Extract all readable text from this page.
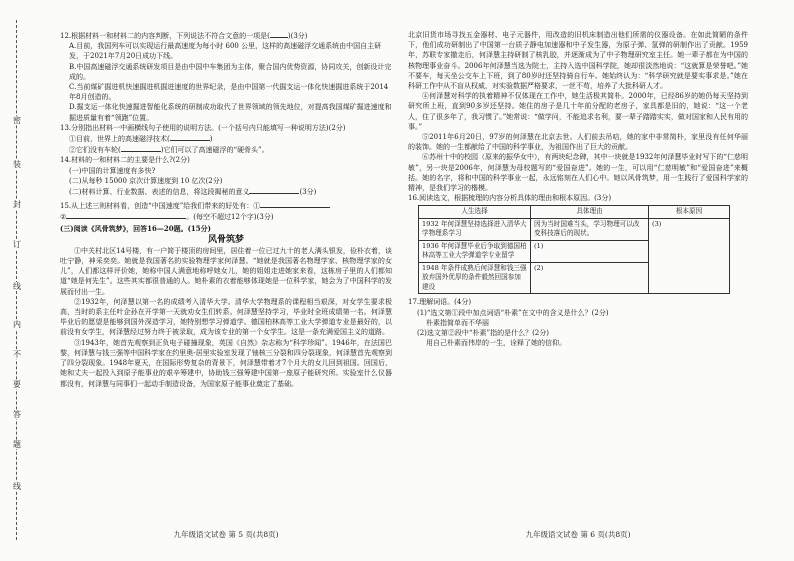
密
装
封
订
线
内
不
要
答
题
线

12.根据材料一和材料二的内容判断，下列说法不符合文意的一项是(	)(3分)

A.目前，我国列车可以实现运行最高速度为每小时 600 公里，这样的高速磁浮交通系统由中国自主研发，于2021年7月20日成功下线。

B.中国高速磁浮交通系统研发项目是由中国中车集团为主体，聚合国内优势资源，协同攻关，创新设计完成的。

C.当前煤矿掘进机快速掘进机掘进速度的世界纪录，是由中国第一代掘支运一体化快速掘进系统于2014年8月创造的。

D.掘支运一体化快速掘进智能化系统的研制成功取代了世界领域的领先地位，对提高我国煤矿掘进速度和掘进质量有着“领跑”位置。

13.分别指出材料一中画横线句子使用的说明方法。(一个括号内只能填写一种说明方法)(2分)

①目前，世界上的高速磁浮技术(	)

②它们没有车轮(	)它们可以了高速磁浮的“硬骨头”。

14.材料的一和材料二的主要是什么?(2分)

(一)中国的计算速度有多快?

(二)从每秒 15000 京次计算速度到 10 亿次(2分)

(二)材料计算、行业数据、表述的信息，将这段揭秘的意义	(3分)

15.从上述三则材料看，创造“中国速度”给我们带来的好处有：①

②	。(每空不超过12个字)(3分)

(三)阅读《风骨筑梦》，回答16—20题。(15分)

风骨筑梦

①中关村北区14号楼，有一户简于楼顶的房间里，居住着一位已过九十的老人满头银发，俭朴衣着，谈吐宁静，神采奕奕。她就是我国著名的实验物理学家何泽慧。“她就是我国著名物理学家、核物理学家的女儿”，人们都这样评价她，她称中国人满意地称呼她女儿，她的姐姐走进她家来看，这栋房子里的人们都知道“她是何先生”。这些其实都很普通的人。她朴素的衣着能够体现她是一位科学家，她会为了中国科学的发展而付出一生。

②1932年，何泽慧以第一名的成绩考入清华大学。清华大学物理系的课程相当艰深，对女学生要求极高，当时的系主任叶企孙在开学第一天就劝女生们转系。何泽慧坚持学习，毕业时全班成绩第一名。何泽慧毕业后的愿望是能够到国外深造学习，她特别想学习弹道学。德国柏林高等工业大学弹道专业是最好的，以前没有女学生，何泽慧经过努力终于被录取，成为该专业的第一个女学生。这是一条充满爱国主义的道路。

③1943年，她首先观察到正负电子碰撞现象，英国《自然》杂志称为“科学珍闻”。1946年，在法国巴黎，何泽慧与钱三强等中国科学家在约里奥-居里实验室发现了铀核三分裂和四分裂现象，何泽慧首先观察到了四分裂现象。1948年夏天，在国际形势复杂的背景下，何泽慧带着才7个月大的女儿回到祖国。回国后，她和丈夫一起投入到原子能事业的艰辛筹建中，协助钱三强筹建中国第一座原子能研究所。实验室什么仪器都没有，何泽慧与同事们一起动手制造设备，为国家原子能事业奠定了基础。

九年级语文试卷 第 5 页(共8页)

北京旧货市场寻找五金器材、电子元器件，用改造的旧机床制造出他们所需的仪器设备。在如此简陋的条件下，他们成功研制出了中国第一台质子静电加速器和中子发生器，为原子弹、氢弹的研制作出了贡献。1959年，苏联专家撤走后，何泽慧主持研制了核乳胶，并逐渐成为了中子物理研究室主任。她一辈子都在为中国的核物理事业奋斗。2006年何泽慧当选为院士，主持入选中国科学院，她却很淡然地说：“这就算是荣誉吧。”她不要车，每天坐公交车上下班，到了80岁时还坚持骑自行车。她始终认为：“科学研究就是要实事求是。”她在科研工作中从不盲从权威，对实验数据严格要求，一丝不苟，培养了大批科研人才。

④何泽慧对科学的执着精神不仅体现在工作中，她生活极其简朴。2000年，已经86岁的她仍每天坚持到研究所上班，直到90多岁还坚持。她住的房子是几十年前分配的老房子，家具都是旧的，她说：“这一个老人，住了很多年了，我习惯了。”她常说：“做学问，不能追求名利，要一辈子踏踏实实，做对国家和人民有用的事。”

⑤2011年6月20日，97岁的何泽慧在北京去世。人们前去吊唁，她的家中非常简朴，家里没有任何华丽的装饰。她的一生都献给了中国的科学事业，为祖国作出了巨大的贡献。

⑥苏州十中的校园（原来的振华女中），有两块纪念碑，其中一块就是1932年何泽慧毕业时写下的“仁慈明敏”，另一块是2006年，何泽慧为母校题写的“爱国奋进”。她的一生，可以用“仁慈明敏”和“爱国奋进”来概括。她的名字，将和中国的科学事业一起，永远铭刻在人们心中。她以风骨筑梦，用一生践行了爱国科学家的精神，是我们学习的楷模。

16.阅读选文，根据梳理的内容分析具体的理由和根本原因。(3分)

人生选择	具体理由	根本原因
1932 年何泽慧坚持选择进入清华大学物理系学习	因为当时国难当头，学习物理可以改变科技落后的现状。	(3)
1936 年何泽慧毕业后争取到德国柏林高等工业大学弹道学专业留学	(1)	
1948 年条件成熟后何泽慧和钱三强放弃国外优厚的条件毅然回国参加建设	(2)	

17.理解词语。(4分)

(1)“选文第①段中加点词语“朴素”在文中的含义是什么？(2分)

朴素指简单而不华丽

(2)选文第②段中“朴素”指的是什么？(2分)

用自己朴素而伟岸的一生，诠释了她的信仰。

九年级语文试卷 第 6 页(共8页)
